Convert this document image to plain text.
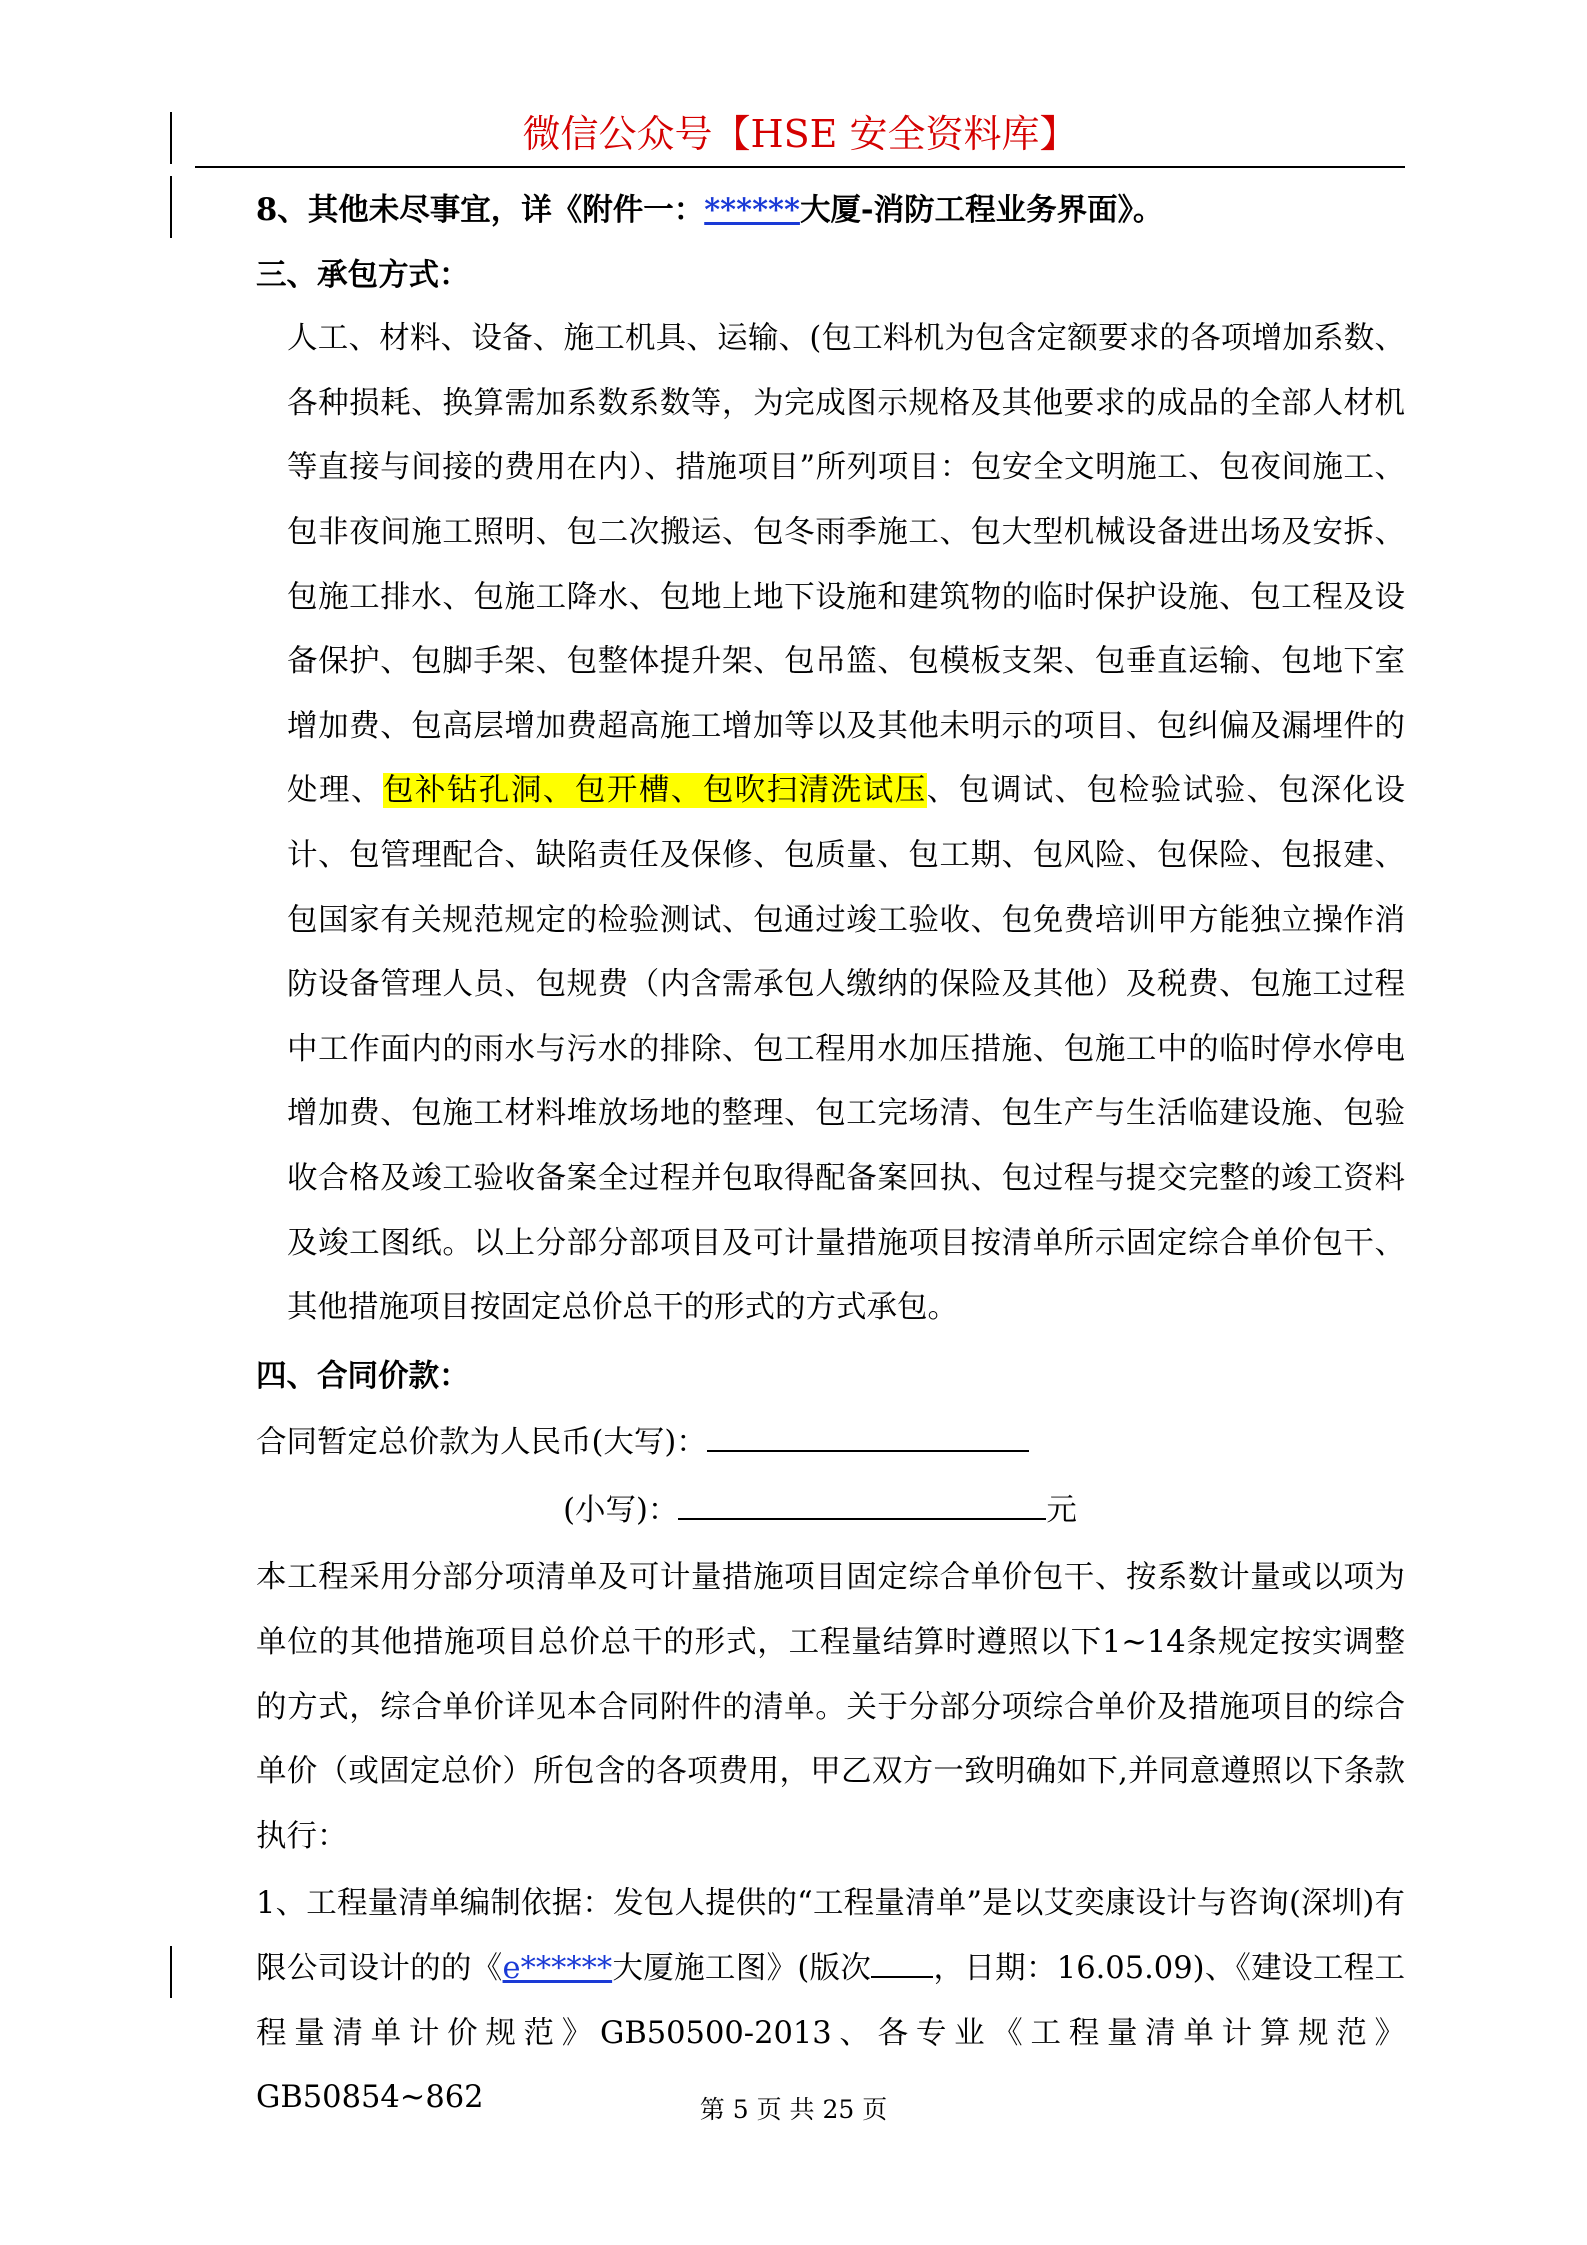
微信公众号【HSE 安全资料库】

8、其他未尽事宜，详《附件一：******大厦-消防工程业务界面》。

三、承包方式：

人工、材料、设备、施工机具、运输、(包工料机为包含定额要求的各项增加系数、各种损耗、换算需加系数系数等，为完成图示规格及其他要求的成品的全部人材机等直接与间接的费用在内）、措施项目”所列项目：包安全文明施工、包夜间施工、包非夜间施工照明、包二次搬运、包冬雨季施工、包大型机械设备进出场及安拆、包施工排水、包施工降水、包地上地下设施和建筑物的临时保护设施、包工程及设备保护、包脚手架、包整体提升架、包吊篮、包模板支架、包垂直运输、包地下室增加费、包高层增加费超高施工增加等以及其他未明示的项目、包纠偏及漏埋件的处理、包补钻孔洞、包开槽、包吹扫清洗试压、包调试、包检验试验、包深化设计、包管理配合、缺陷责任及保修、包质量、包工期、包风险、包保险、包报建、包国家有关规范规定的检验测试、包通过竣工验收、包免费培训甲方能独立操作消防设备管理人员、包规费（内含需承包人缴纳的保险及其他）及税费、包施工过程中工作面内的雨水与污水的排除、包工程用水加压措施、包施工中的临时停水停电增加费、包施工材料堆放场地的整理、包工完场清、包生产与生活临建设施、包验收合格及竣工验收备案全过程并包取得配备案回执、包过程与提交完整的竣工资料及竣工图纸。以上分部分部项目及可计量措施项目按清单所示固定综合单价包干、其他措施项目按固定总价总干的形式的方式承包。

四、合同价款：

合同暂定总价款为人民币(大写)：

(小写)：	元

本工程采用分部分项清单及可计量措施项目固定综合单价包干、按系数计量或以项为单位的其他措施项目总价总干的形式，工程量结算时遵照以下1~14条规定按实调整的方式，综合单价详见本合同附件的清单。关于分部分项综合单价及措施项目的综合单价（或固定总价）所包含的各项费用，甲乙双方一致明确如下,并同意遵照以下条款执行：

1、工程量清单编制依据：发包人提供的“工程量清单”是以艾奕康设计与咨询(深圳)有限公司设计的的《e******大厦施工图》(版次 ，日期：16.05.09)、《建设工程工程量清单计价规范》GB50500-2013、各专业《工程量清单计算规范》GB50854~862	第 5 页 共 25 页
